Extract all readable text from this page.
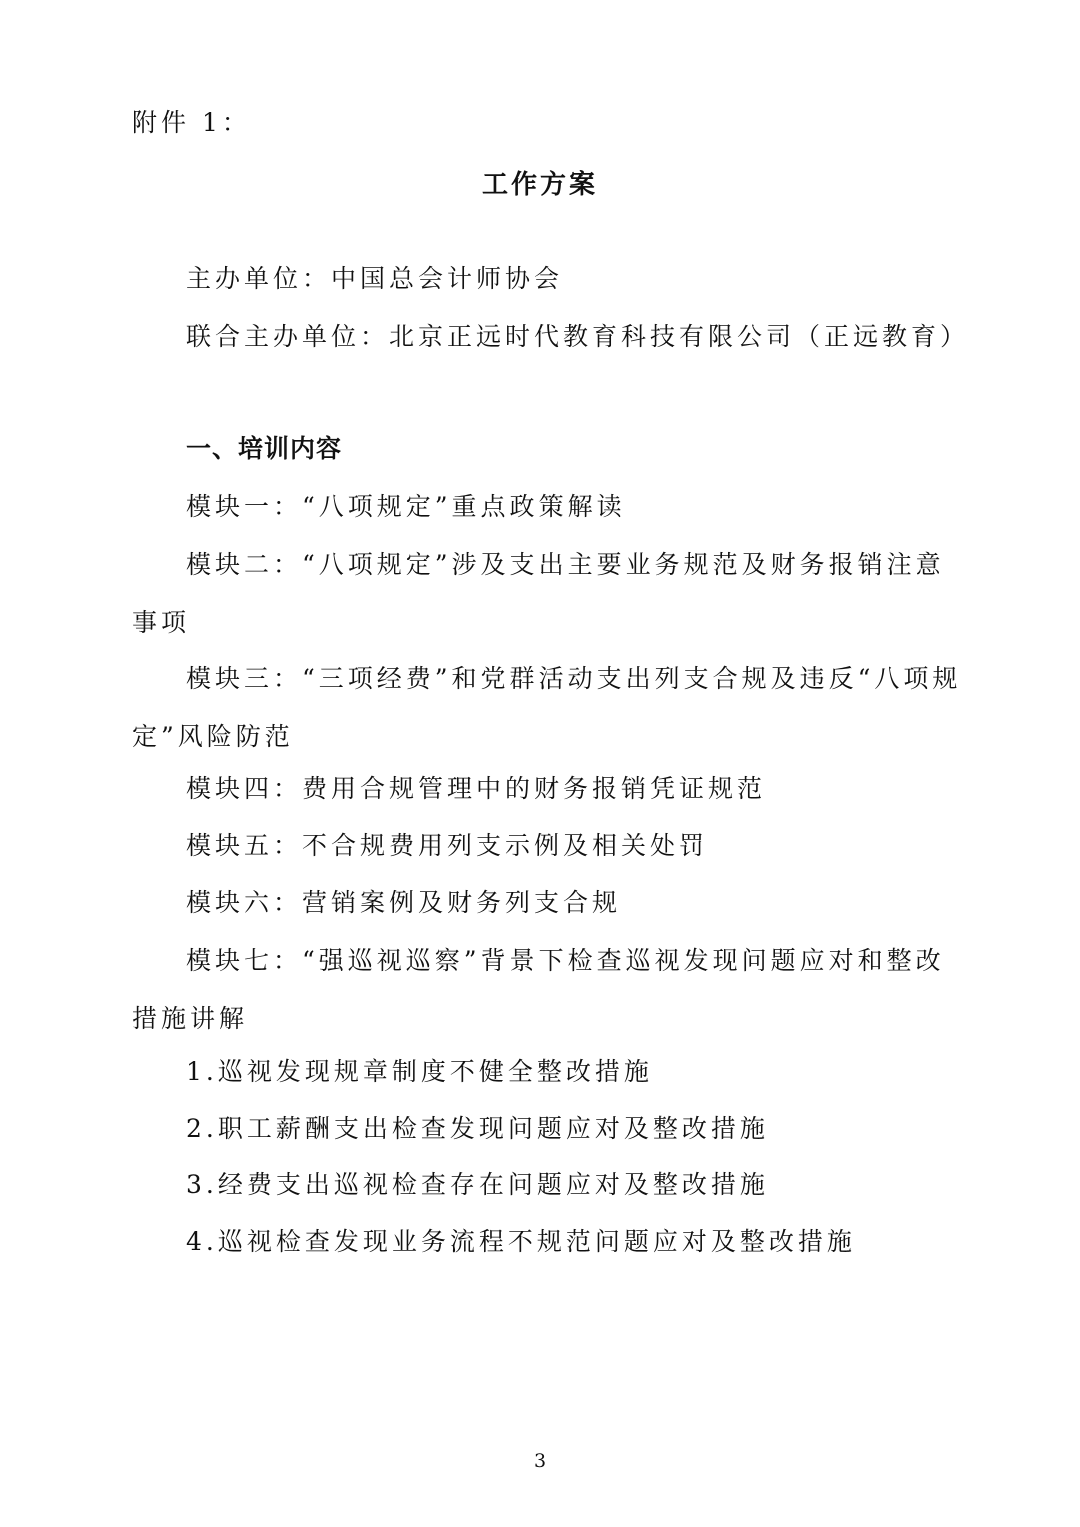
附件 1：
工作方案
主办单位：中国总会计师协会
联合主办单位：北京正远时代教育科技有限公司（正远教育）
一、培训内容
模块一：“八项规定”重点政策解读
模块二：“八项规定”涉及支出主要业务规范及财务报销注意事项
模块三：“三项经费”和党群活动支出列支合规及违反“八项规定”风险防范
模块四：费用合规管理中的财务报销凭证规范
模块五：不合规费用列支示例及相关处罚
模块六：营销案例及财务列支合规
模块七：“强巡视巡察”背景下检查巡视发现问题应对和整改措施讲解
1.巡视发现规章制度不健全整改措施
2.职工薪酬支出检查发现问题应对及整改措施
3.经费支出巡视检查存在问题应对及整改措施
4.巡视检查发现业务流程不规范问题应对及整改措施
3
